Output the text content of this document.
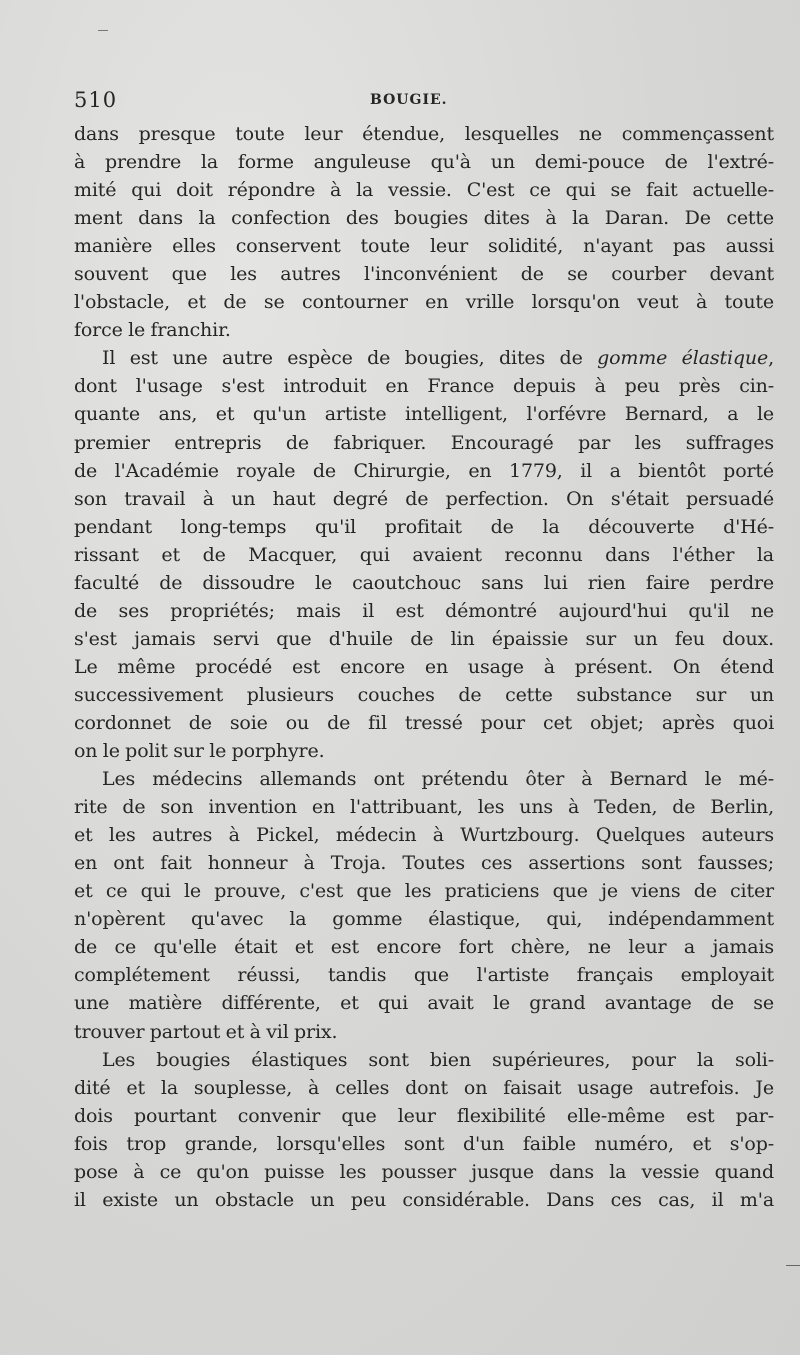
510	BOUGIE.
dans presque toute leur étendue, lesquelles ne commençassent
à prendre la forme anguleuse qu'à un demi-pouce de l'extré-
mité qui doit répondre à la vessie. C'est ce qui se fait actuelle-
ment dans la confection des bougies dites à la Daran. De cette
manière elles conservent toute leur solidité, n'ayant pas aussi
souvent que les autres l'inconvénient de se courber devant
l'obstacle, et de se contourner en vrille lorsqu'on veut à toute
force le franchir.
Il est une autre espèce de bougies, dites de gomme élastique,
dont l'usage s'est introduit en France depuis à peu près cin-
quante ans, et qu'un artiste intelligent, l'orfévre Bernard, a le
premier entrepris de fabriquer. Encouragé par les suffrages
de l'Académie royale de Chirurgie, en 1779, il a bientôt porté
son travail à un haut degré de perfection. On s'était persuadé
pendant long-temps qu'il profitait de la découverte d'Hé-
rissant et de Macquer, qui avaient reconnu dans l'éther la
faculté de dissoudre le caoutchouc sans lui rien faire perdre
de ses propriétés; mais il est démontré aujourd'hui qu'il ne
s'est jamais servi que d'huile de lin épaissie sur un feu doux.
Le même procédé est encore en usage à présent. On étend
successivement plusieurs couches de cette substance sur un
cordonnet de soie ou de fil tressé pour cet objet; après quoi
on le polit sur le porphyre.
Les médecins allemands ont prétendu ôter à Bernard le mé-
rite de son invention en l'attribuant, les uns à Teden, de Berlin,
et les autres à Pickel, médecin à Wurtzbourg. Quelques auteurs
en ont fait honneur à Troja. Toutes ces assertions sont fausses;
et ce qui le prouve, c'est que les praticiens que je viens de citer
n'opèrent qu'avec la gomme élastique, qui, indépendamment
de ce qu'elle était et est encore fort chère, ne leur a jamais
complétement réussi, tandis que l'artiste français employait
une matière différente, et qui avait le grand avantage de se
trouver partout et à vil prix.
Les bougies élastiques sont bien supérieures, pour la soli-
dité et la souplesse, à celles dont on faisait usage autrefois. Je
dois pourtant convenir que leur flexibilité elle-même est par-
fois trop grande, lorsqu'elles sont d'un faible numéro, et s'op-
pose à ce qu'on puisse les pousser jusque dans la vessie quand
il existe un obstacle un peu considérable. Dans ces cas, il m'a
